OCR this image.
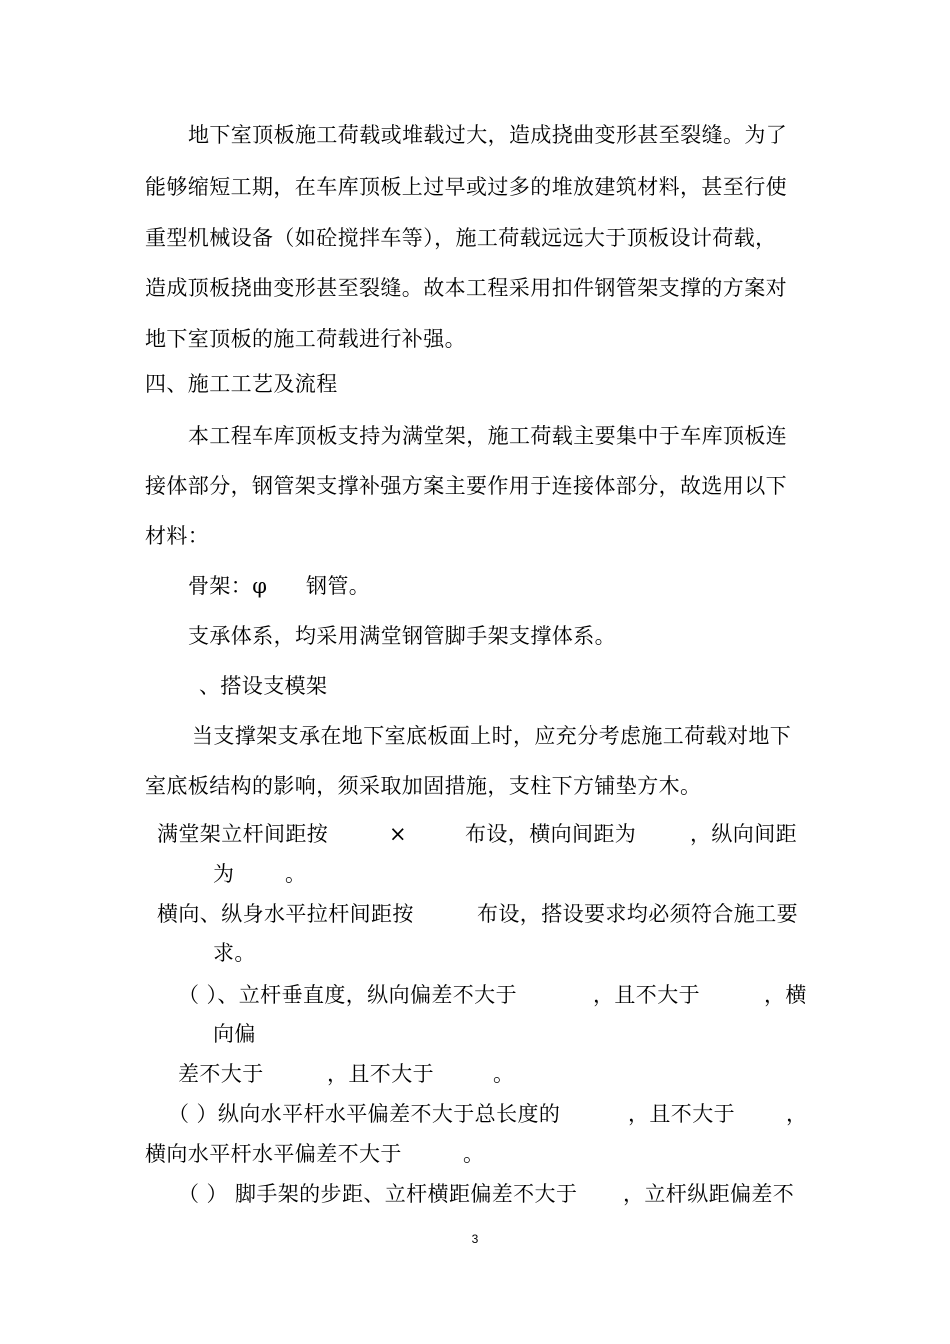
地下室顶板施工荷载或堆载过大，造成挠曲变形甚至裂缝。为了
能够缩短工期，在车库顶板上过早或过多的堆放建筑材料，甚至行使
重型机械设备（如砼搅拌车等），施工荷载远远大于顶板设计荷载，
造成顶板挠曲变形甚至裂缝。故本工程采用扣件钢管架支撑的方案对
地下室顶板的施工荷载进行补强。
四、施工工艺及流程
本工程车库顶板支持为满堂架，施工荷载主要集中于车库顶板连
接体部分，钢管架支撑补强方案主要作用于连接体部分，故选用以下
材料：
骨架：φ 钢管。
支承体系，均采用满堂钢管脚手架支撑体系。
、搭设支模架
当支撑架支承在地下室底板面上时，应充分考虑施工荷载对地下
室底板结构的影响，须采取加固措施，支柱下方铺垫方木。
满堂架立杆间距按	×	布设，横向间距为	，纵向间距
为 。
横向、纵身水平拉杆间距按	布设，搭设要求均必须符合施工要
求。
（ ）、立杆垂直度，纵向偏差不大于	，且不大于	，横
向偏
差不大于	，且不大于	。
（ ）纵向水平杆水平偏差不大于总长度的	，且不大于 ，
横向水平杆水平偏差不大于	。
（ ） 脚手架的步距、立杆横距偏差不大于 ，立杆纵距偏差不
3
